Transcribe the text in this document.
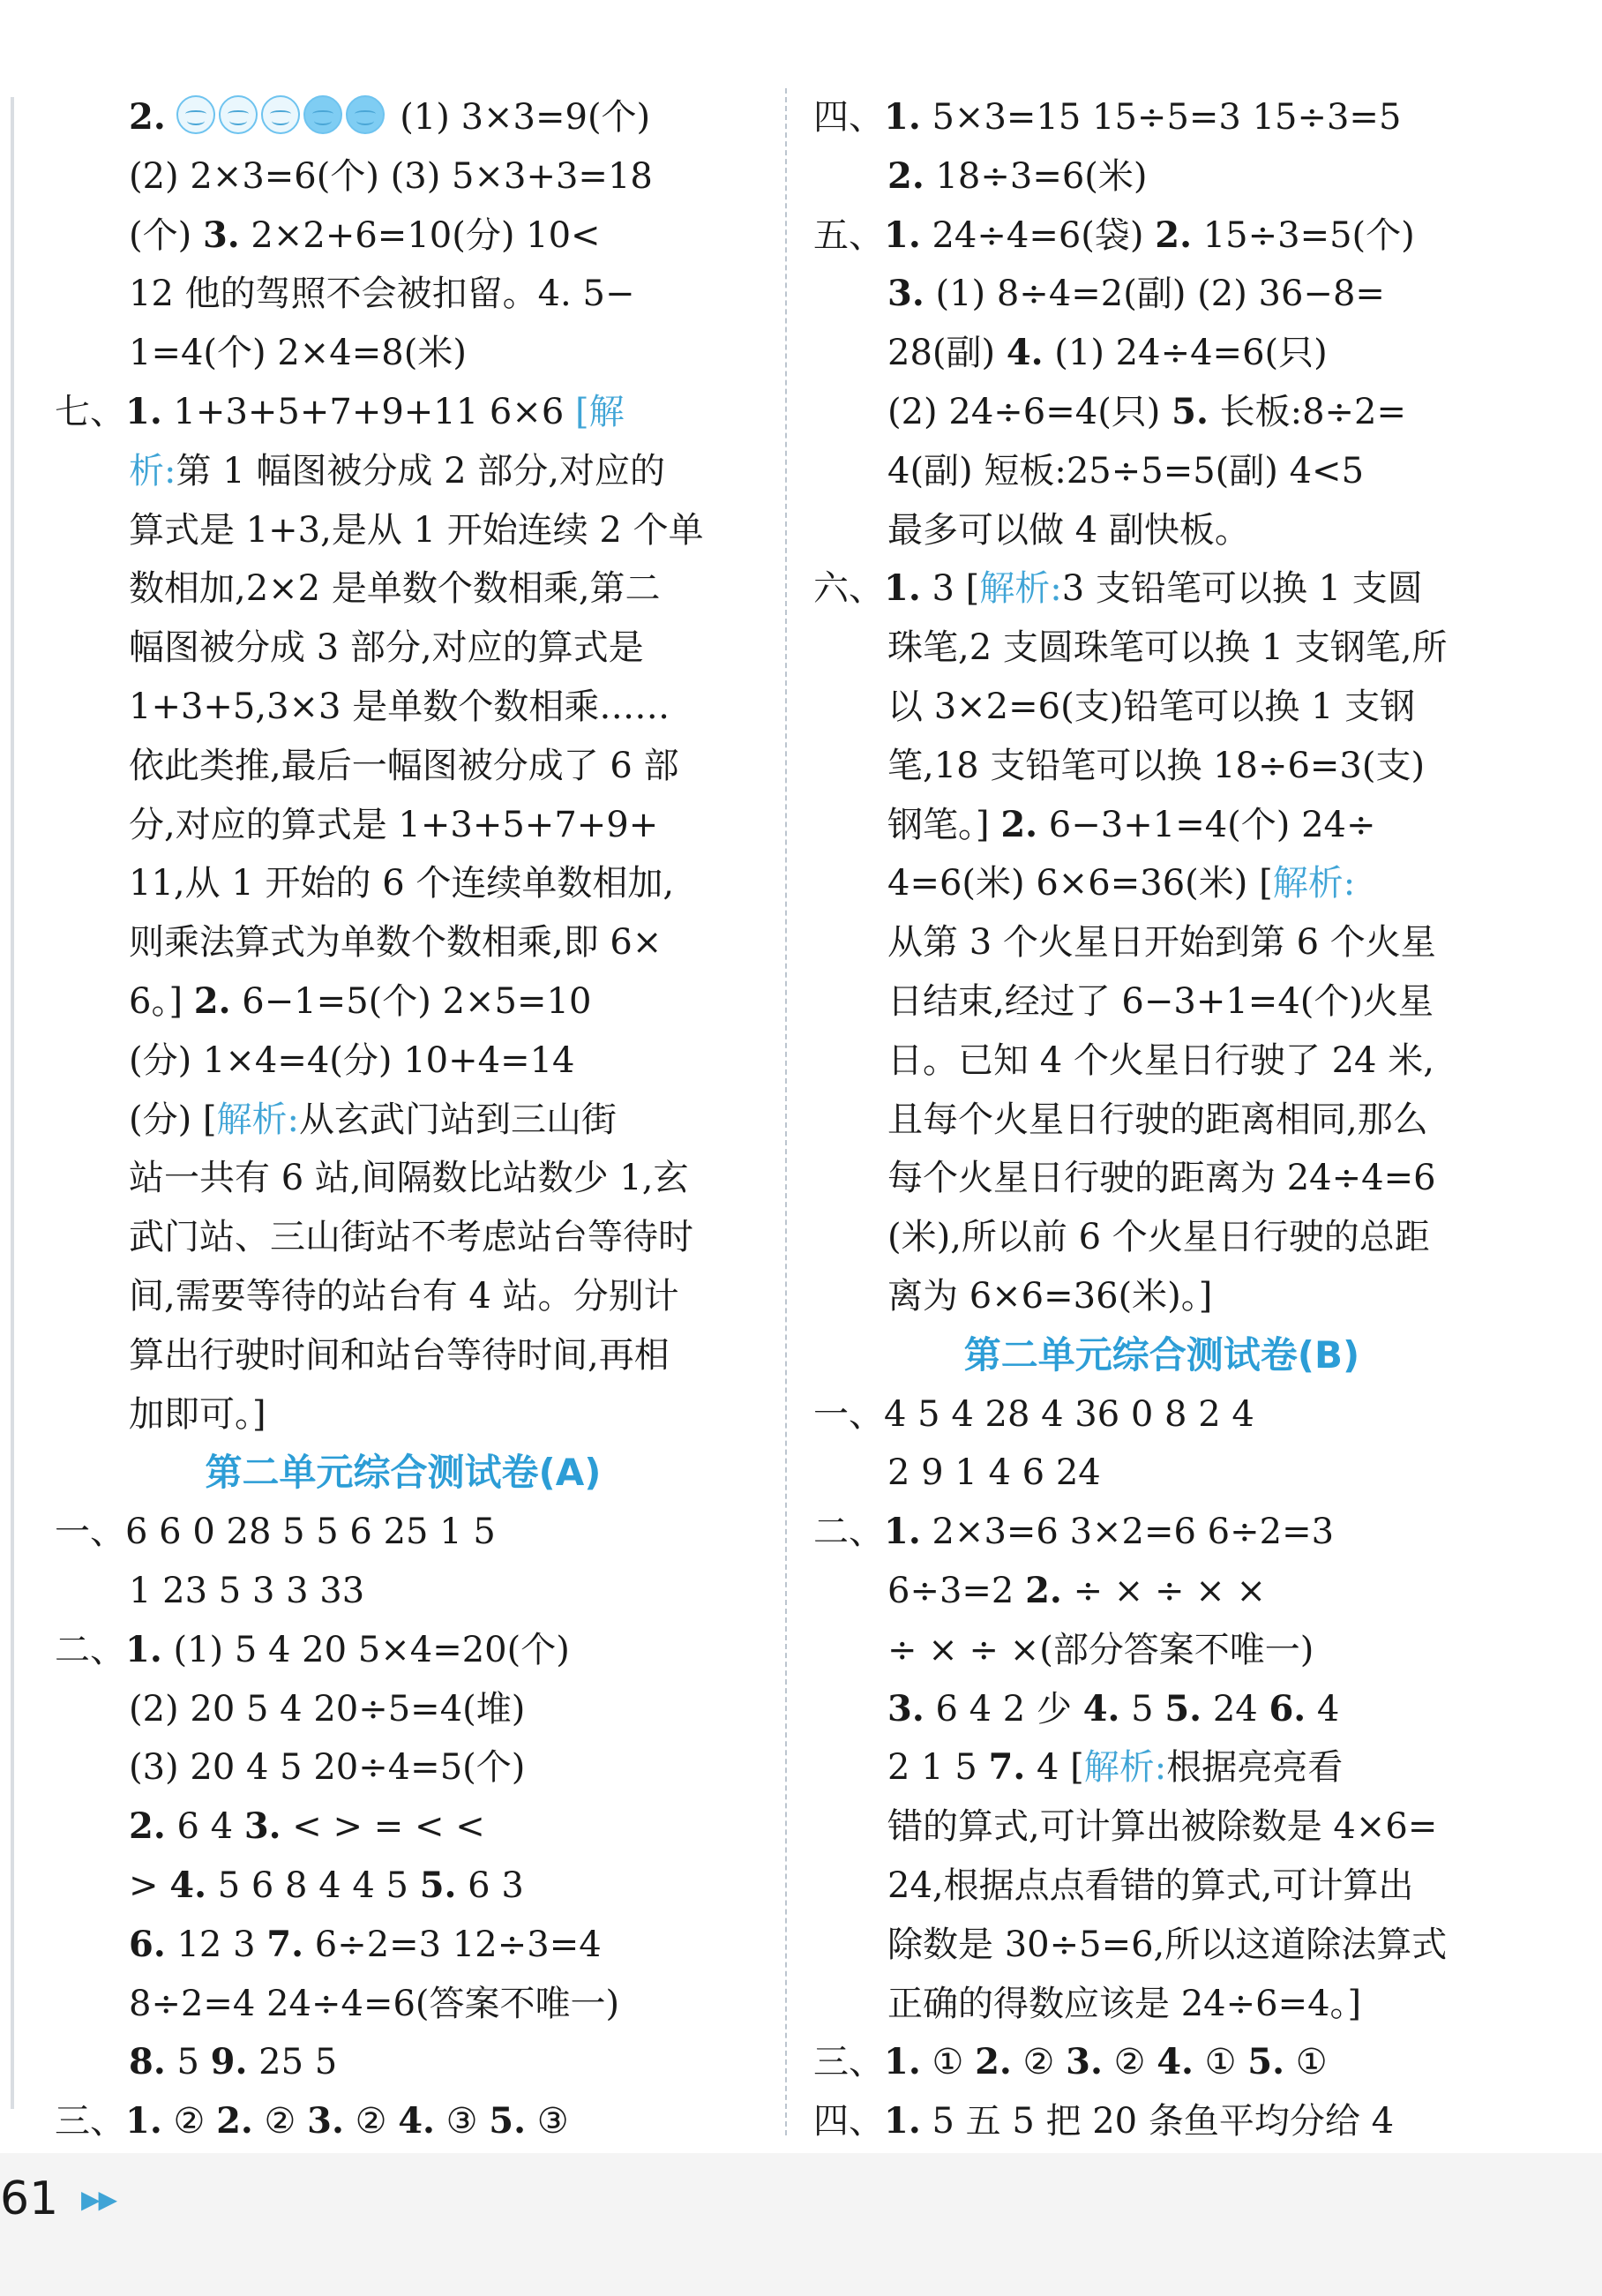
2.	(1) 3×3=9(个)
(2) 2×3=6(个) (3) 5×3+3=18
(个) 3. 2×2+6=10(分) 10<
12 他的驾照不会被扣留。4. 5−
1=4(个) 2×4=8(米)
七、1. 1+3+5+7+9+11 6×6 [解
析:第 1 幅图被分成 2 部分,对应的
算式是 1+3,是从 1 开始连续 2 个单
数相加,2×2 是单数个数相乘,第二
幅图被分成 3 部分,对应的算式是
1+3+5,3×3 是单数个数相乘……
依此类推,最后一幅图被分成了 6 部
分,对应的算式是 1+3+5+7+9+
11,从 1 开始的 6 个连续单数相加,
则乘法算式为单数个数相乘,即 6×
6。] 2. 6−1=5(个) 2×5=10
(分) 1×4=4(分) 10+4=14
(分) [解析:从玄武门站到三山街
站一共有 6 站,间隔数比站数少 1,玄
武门站、三山街站不考虑站台等待时
间,需要等待的站台有 4 站。分别计
算出行驶时间和站台等待时间,再相
加即可。]
第二单元综合测试卷(A)
一、6 6 0 28 5 5 6 25 1 5
1 23 5 3 3 33
二、1. (1) 5 4 20 5×4=20(个)
(2) 20 5 4 20÷5=4(堆)
(3) 20 4 5 20÷4=5(个)
2. 6 4 3. < > = < <
> 4. 5 6 8 4 4 5 5. 6 3
6. 12 3 7. 6÷2=3 12÷3=4
8÷2=4 24÷4=6(答案不唯一)
8. 5 9. 25 5
三、1. ② 2. ② 3. ② 4. ③ 5. ③
四、1. 5×3=15 15÷5=3 15÷3=5
2. 18÷3=6(米)
五、1. 24÷4=6(袋) 2. 15÷3=5(个)
3. (1) 8÷4=2(副) (2) 36−8=
28(副) 4. (1) 24÷4=6(只)
(2) 24÷6=4(只) 5. 长板:8÷2=
4(副) 短板:25÷5=5(副) 4<5
最多可以做 4 副快板。
六、1. 3 [解析:3 支铅笔可以换 1 支圆
珠笔,2 支圆珠笔可以换 1 支钢笔,所
以 3×2=6(支)铅笔可以换 1 支钢
笔,18 支铅笔可以换 18÷6=3(支)
钢笔。] 2. 6−3+1=4(个) 24÷
4=6(米) 6×6=36(米) [解析:
从第 3 个火星日开始到第 6 个火星
日结束,经过了 6−3+1=4(个)火星
日。已知 4 个火星日行驶了 24 米,
且每个火星日行驶的距离相同,那么
每个火星日行驶的距离为 24÷4=6
(米),所以前 6 个火星日行驶的总距
离为 6×6=36(米)。]
第二单元综合测试卷(B)
一、4 5 4 28 4 36 0 8 2 4
2 9 1 4 6 24
二、1. 2×3=6 3×2=6 6÷2=3
6÷3=2 2. ÷ × ÷ × ×
÷ × ÷ ×(部分答案不唯一)
3. 6 4 2 少 4. 5 5. 24 6. 4
2 1 5 7. 4 [解析:根据亮亮看
错的算式,可计算出被除数是 4×6=
24,根据点点看错的算式,可计算出
除数是 30÷5=6,所以这道除法算式
正确的得数应该是 24÷6=4。]
三、1. ① 2. ② 3. ② 4. ① 5. ①
四、1. 5 五 5 把 20 条鱼平均分给 4
61 ▶▶
